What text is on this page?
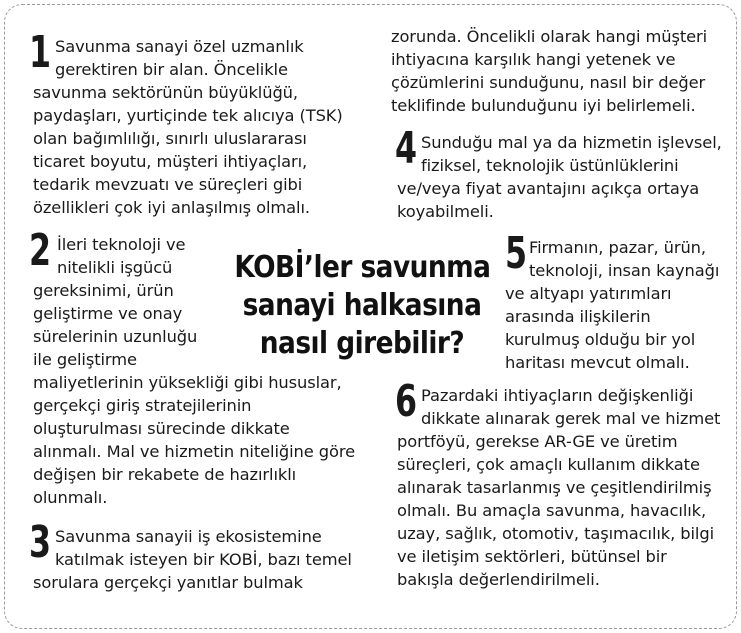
KOBİ’ler savunma
sanayi halkasına
nasıl girebilir?
1 Savunma sanayi özel uzmanlık
gerektiren bir alan. Öncelikle
savunma sektörünün büyüklüğü,
paydaşları, yurtiçinde tek alıcıya (TSK)
olan bağımlılığı, sınırlı uluslararası
ticaret boyutu, müşteri ihtiyaçları,
tedarik mevzuatı ve süreçleri gibi
özellikleri çok iyi anlaşılmış olmalı.
2 İleri teknoloji ve
nitelikli işgücü
gereksinimi, ürün
geliştirme ve onay
sürelerinin uzunluğu
ile geliştirme
maliyetlerinin yüksekliği gibi hususlar,
gerçekçi giriş stratejilerinin
oluşturulması sürecinde dikkate
alınmalı. Mal ve hizmetin niteliğine göre
değişen bir rekabete de hazırlıklı
olunmalı.
3 Savunma sanayii iş ekosistemine
katılmak isteyen bir KOBİ, bazı temel
sorulara gerçekçi yanıtlar bulmak
zorunda. Öncelikli olarak hangi müşteri
ihtiyacına karşılık hangi yetenek ve
çözümlerini sunduğunu, nasıl bir değer
teklifinde bulunduğunu iyi belirlemeli.
4 Sunduğu mal ya da hizmetin işlevsel,
fiziksel, teknolojik üstünlüklerini
ve/veya fiyat avantajını açıkça ortaya
koyabilmeli.
5 Firmanın, pazar, ürün,
teknoloji, insan kaynağı
ve altyapı yatırımları
arasında ilişkilerin
kurulmuş olduğu bir yol
haritası mevcut olmalı.
6 Pazardaki ihtiyaçların değişkenliği
dikkate alınarak gerek mal ve hizmet
portföyü, gerekse AR-GE ve üretim
süreçleri, çok amaçlı kullanım dikkate
alınarak tasarlanmış ve çeşitlendirilmiş
olmalı. Bu amaçla savunma, havacılık,
uzay, sağlık, otomotiv, taşımacılık, bilgi
ve iletişim sektörleri, bütünsel bir
bakışla değerlendirilmeli.
